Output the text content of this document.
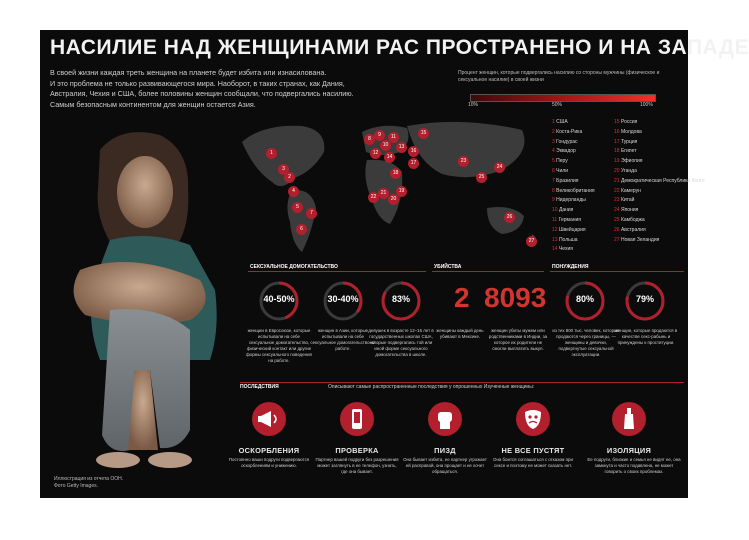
НАСИЛИЕ НАД ЖЕНЩИНАМИ РАС ПРОСТРАНЕНО И НА ЗАПАДЕ
В своей жизни каждая треть женщина на планете будет избита или изнасилована.
И это проблема не только развивающегося мира. Наоборот, в таких странах, как Дания,
Австралия, Чехия и США, более половины женщин сообщали, что подвергались насилию.
Самым безопасным континентом для женщин остается Азия.
Процент женщин, которые подвергались насилию со стороны мужчины (физическое и сексуальное насилие) в своей жизни
10%	50%	100%
Иллюстрация из отчета ООН. Фото Getty Images.
1
2
3
4
5
6
7
8
9
10
11
12
13
14
15
16
17
18
19
20
21
22
23
24
25
26
27
1 США
2 Коста-Рика
3 Гондурас
4 Эквадор
5 Перу
6 Чили
7 Бразилия
8 Великобритания
9 Нидерланды
10 Дания
11 Германия
12 Швейцария
13 Польша
14 Чехия
15 Россия
16 Молдова
17 Турция
18 Египет
19 Эфиопия
20 Уганда
21 Демократическая Республика Конго
22 Камерун
23 Китай
24 Япония
25 Камбоджа
26 Австралия
27 Новая Зеландия
СЕКСУАЛЬНОЕ ДОМОГАТЕЛЬСТВО	УБИЙСТВА	ПОНУЖДЕНИЯ
40-50%	30-40%	83%	2 8093	80%	79%
женщин в Евросоюзе, которые испытывали на себе сексуальное домогательство, физический контакт или другие формы сексуального поведения на работе.
женщин в Азии, которые испытывали на себе сексуальное домогательство на работе.
девушек в возрасте 12–16 лет в государственных школах США, которые подвергались той или иной форме сексуального домогательства в школе.
женщины каждый день убивают в Мексике.
женщин убиты мужем или родственниками в Индии, за которое их родители не смогли выплатить выкуп.
из тех 800 тыс. человек, которые продаются через границы, — женщины и девочки, подвергнутые сексуальной эксплуатации.
женщин, которые продаются в качестве секс-рабынь и принуждены к проституции.
ПОСЛЕДСТВИЯ	Описывают самые распространенные последствия у опрошенных Изученные женщины:
ОСКОРБЛЕНИЯ	ПРОВЕРКА	ПИЗД	НЕ ВСЕ ПУСТЯТ	ИЗОЛЯЦИЯ
Постоянно ваши подруги подвергаются оскорблениям и унижению.
Партнер вашей подруги без разрешения может заглянуть в ее телефон, узнать, где она бывает.
Она бывает избита, ее партнер угрожает ей расправой, она прощает и не хочет обращаться.
Она боится соглашаться с отказом при сексе и поэтому не может сказать нет.
Ее подруги, близкие и семья не видят ее, она замкнута и часто подавлена, не может говорить о своих проблемах.
